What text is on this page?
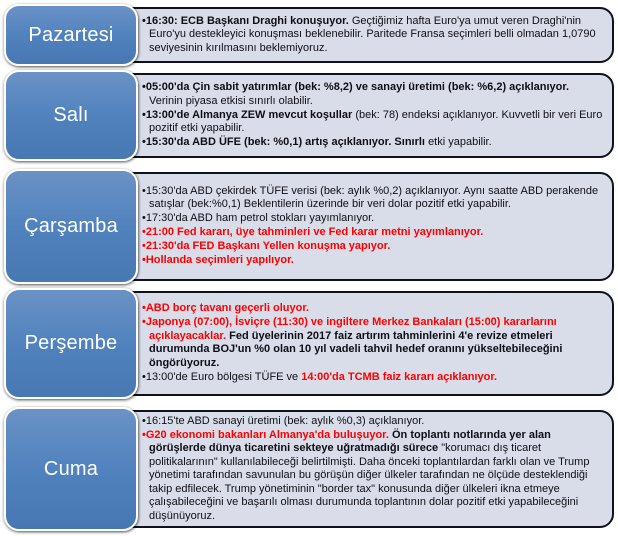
•16:30: ECB Başkanı Draghi konuşuyor. Geçtiğimiz hafta Euro'ya umut veren Draghi'nin Euro'yu destekleyici konuşması beklenebilir. Paritede Fransa seçimleri belli olmadan 1,0790 seviyesinin kırılmasını beklemiyoruz.

Pazartesi

•05:00'da Çin sabit yatırımlar (bek: %8,2) ve sanayi üretimi (bek: %6,2) açıklanıyor. Verinin piyasa etkisi sınırlı olabilir.

•13:00'de Almanya ZEW mevcut koşullar (bek: 78) endeksi açıklanıyor. Kuvvetli bir veri Euro pozitif etki yapabilir.

•15:30'da ABD ÜFE (bek: %0,1) artış açıklanıyor. Sınırlı etki yapabilir.

Salı

•15:30'da ABD çekirdek TÜFE verisi (bek: aylık %0,2) açıklanıyor. Aynı saatte ABD perakende satışlar (bek:%0,1) Beklentilerin üzerinde bir veri dolar pozitif etki yapabilir.

•17:30'da ABD ham petrol stokları yayımlanıyor.

•21:00 Fed kararı, üye tahminleri ve Fed karar metni yayımlanıyor.

•21:30'da FED Başkanı Yellen konuşma yapıyor.

•Hollanda seçimleri yapılıyor.

Çarşamba

•ABD borç tavanı geçerli oluyor.

•Japonya (07:00), İsviçre (11:30) ve ingiltere Merkez Bankaları (15:00) kararlarını açıklayacaklar. Fed üyelerinin 2017 faiz artırım tahminlerini 4'e revize etmeleri durumunda BOJ'un %0 olan 10 yıl vadeli tahvil hedef oranını yükseltebileceğini öngörüyoruz.

•13:00'de Euro bölgesi TÜFE ve 14:00'da TCMB faiz kararı açıklanıyor.

Perşembe

•16:15'te ABD sanayi üretimi (bek: aylık %0,3) açıklanıyor.

•G20 ekonomi bakanları Almanya'da buluşuyor. Ön toplantı notlarında yer alan görüşlerde dünya ticaretini sekteye uğratmadığı sürece "korumacı dış ticaret politikalarının" kullanılabileceği belirtilmişti. Daha önceki toplantılardan farklı olan ve Trump yönetimi tarafından savunulan bu görüşün diğer ülkeler tarafından ne ölçüde desteklendiği takip edfilecek. Trump yönetiminin "border tax" konusunda diğer ülkeleri ikna etmeye çalışabileceğini ve başarılı olması durumunda toplantının dolar pozitif etki yapabileceğini düşünüyoruz.

Cuma
